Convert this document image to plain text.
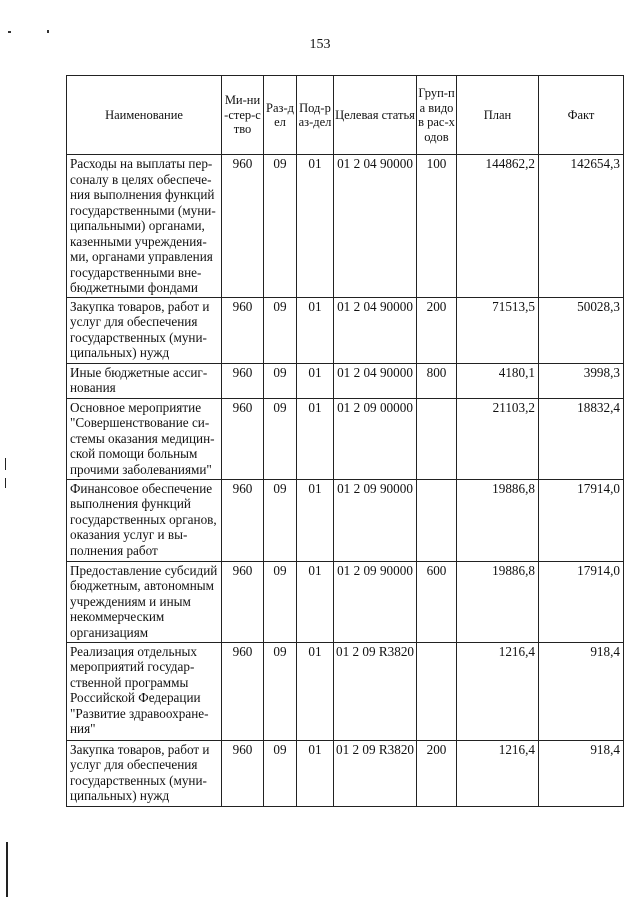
153
Наименование	Ми-ни-стер-ство	Раз-дел	Под-раз-дел	Целевая статья	Груп-па видов рас-ходов	План	Факт
Расходы на выплаты персоналу в целях обеспечения выполнения функций государственными (муниципальными) органами, казенными учреждениями, органами управления государственными внебюджетными фондами	960	09	01	01 2 04 90000	100	144862,2	142654,3
Закупка товаров, работ и услуг для обеспечения государственных (муниципальных) нужд	960	09	01	01 2 04 90000	200	71513,5	50028,3
Иные бюджетные ассигнования	960	09	01	01 2 04 90000	800	4180,1	3998,3
Основное мероприятие "Совершенствование системы оказания медицинской помощи больным прочими заболеваниями"	960	09	01	01 2 09 00000		21103,2	18832,4
Финансовое обеспечение выполнения функций государственных органов, оказания услуг и выполнения работ	960	09	01	01 2 09 90000		19886,8	17914,0
Предоставление субсидий бюджетным, автономным учреждениям и иным некоммерческим организациям	960	09	01	01 2 09 90000	600	19886,8	17914,0
Реализация отдельных мероприятий государственной программы Российской Федерации "Развитие здравоохранения"	960	09	01	01 2 09 R3820		1216,4	918,4
Закупка товаров, работ и услуг для обеспечения государственных (муниципальных) нужд	960	09	01	01 2 09 R3820	200	1216,4	918,4
